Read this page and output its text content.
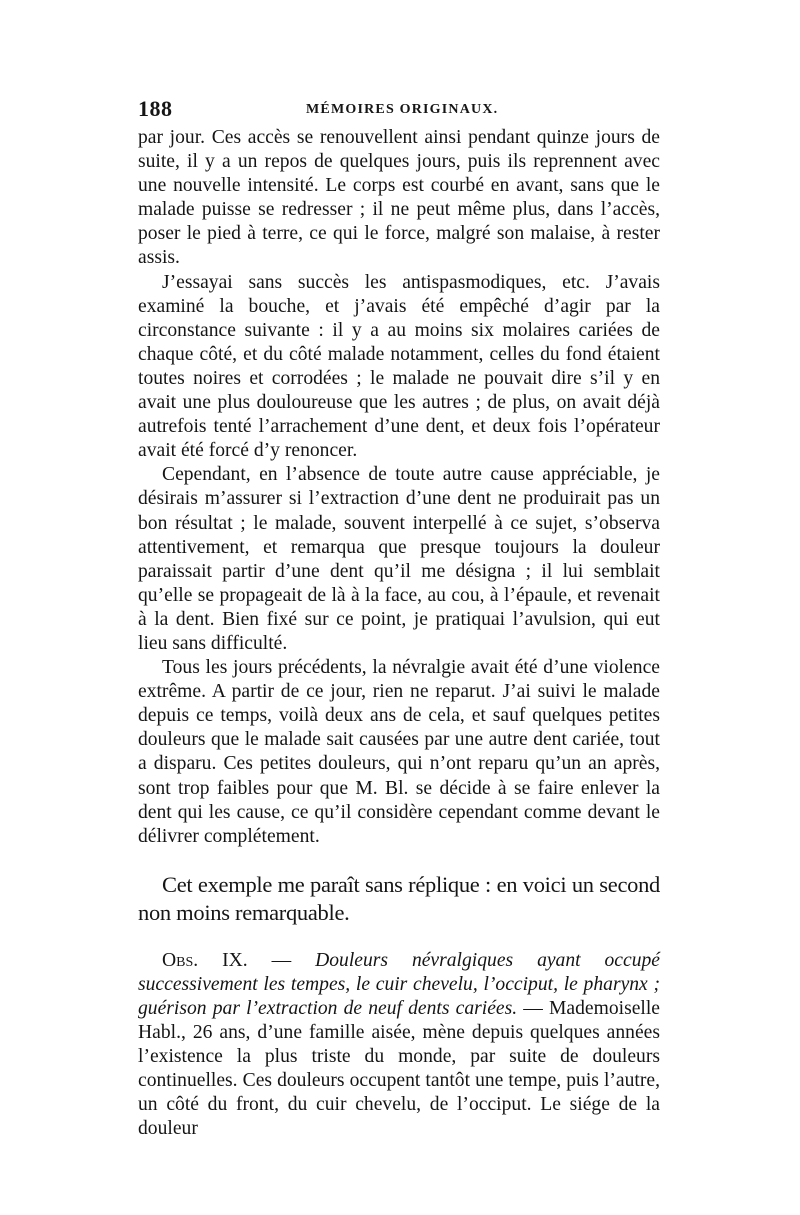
188	MÉMOIRES ORIGINAUX.

par jour. Ces accès se renouvellent ainsi pendant quinze jours de suite, il y a un repos de quelques jours, puis ils reprennent avec une nouvelle intensité. Le corps est courbé en avant, sans que le malade puisse se redresser ; il ne peut même plus, dans l’accès, poser le pied à terre, ce qui le force, malgré son malaise, à rester assis.

J’essayai sans succès les antispasmodiques, etc. J’avais examiné la bouche, et j’avais été empêché d’agir par la circonstance suivante : il y a au moins six molaires cariées de chaque côté, et du côté malade notamment, celles du fond étaient toutes noires et corrodées ; le malade ne pouvait dire s’il y en avait une plus douloureuse que les autres ; de plus, on avait déjà autrefois tenté l’arrachement d’une dent, et deux fois l’opérateur avait été forcé d’y renoncer.

Cependant, en l’absence de toute autre cause appréciable, je désirais m’assurer si l’extraction d’une dent ne produirait pas un bon résultat ; le malade, souvent interpellé à ce sujet, s’observa attentivement, et remarqua que presque toujours la douleur paraissait partir d’une dent qu’il me désigna ; il lui semblait qu’elle se propageait de là à la face, au cou, à l’épaule, et revenait à la dent. Bien fixé sur ce point, je pratiquai l’avulsion, qui eut lieu sans difficulté.

Tous les jours précédents, la névralgie avait été d’une violence extrême. A partir de ce jour, rien ne reparut. J’ai suivi le malade depuis ce temps, voilà deux ans de cela, et sauf quelques petites douleurs que le malade sait causées par une autre dent cariée, tout a disparu. Ces petites douleurs, qui n’ont reparu qu’un an après, sont trop faibles pour que M. Bl. se décide à se faire enlever la dent qui les cause, ce qu’il considère cependant comme devant le délivrer complétement.

Cet exemple me paraît sans réplique : en voici un second non moins remarquable.

Obs. IX. — Douleurs névralgiques ayant occupé successivement les tempes, le cuir chevelu, l’occiput, le pharynx ; guérison par l’extraction de neuf dents cariées. — Mademoiselle Habl., 26 ans, d’une famille aisée, mène depuis quelques années l’existence la plus triste du monde, par suite de douleurs continuelles. Ces douleurs occupent tantôt une tempe, puis l’autre, un côté du front, du cuir chevelu, de l’occiput. Le siége de la douleur
